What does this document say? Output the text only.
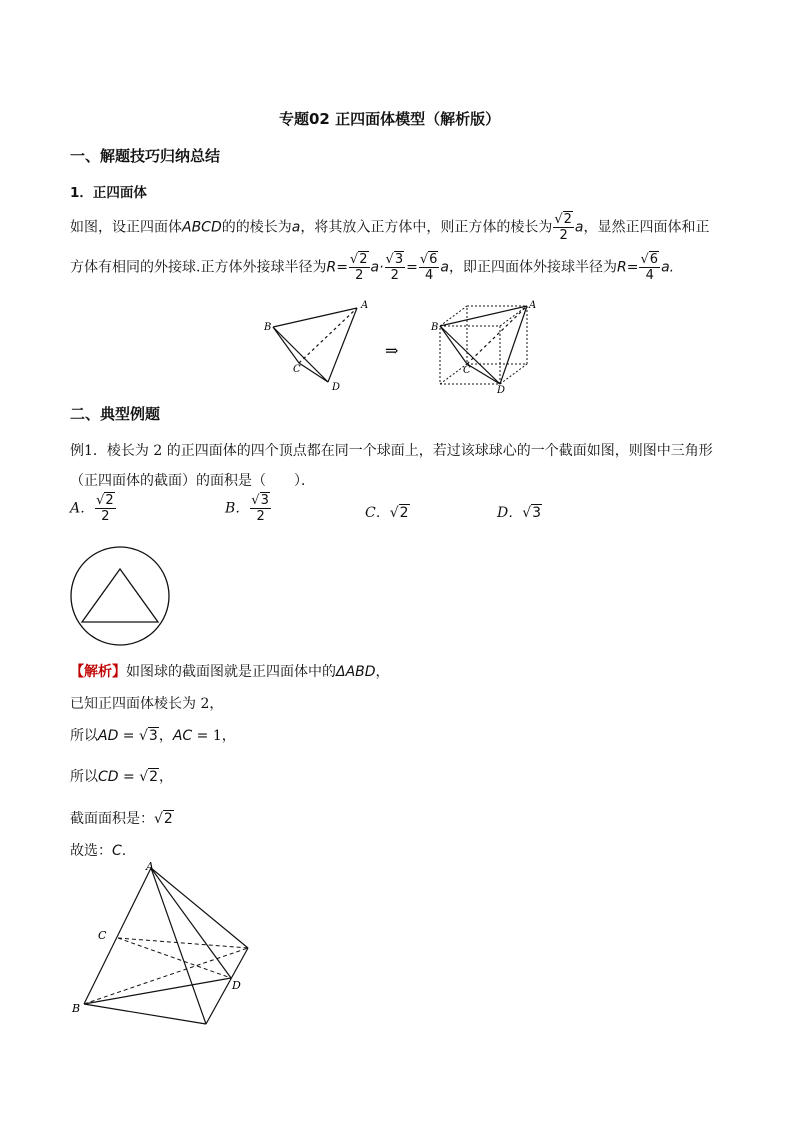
专题02 正四面体模型（解析版）
一、解题技巧归纳总结
1．正四面体
如图，设正四面体ABCD的的棱长为a，将其放入正方体中，则正方体的棱长为 $\frac{√2}{2}$ a，显然正四面体和正
方体有相同的外接球.正方体外接球半径为$R= \frac{√2}{2} a\cdot \frac{√3}{2} = \frac{√6}{4}$ a，即正四面体外接球半径为$R= \frac{√6}{4} a$.
B
A
C
D
⇒
B
A
C
D
二、典型例题
例1．棱长为 2 的正四面体的四个顶点都在同一个球面上，若过该球球心的一个截面如图，则图中三角形
（正四面体的截面）的面积是（　　）．
A． $\frac{√2}{2}$	B． $\frac{√3}{2}$	C．√2	D．√3
【解析】如图球的截面图就是正四面体中的ΔABD，
已知正四面体棱长为 2，
所以AD = √3，AC = 1，
所以CD = √2，
截面面积是：√2
故选：C.
A
C
B
D
